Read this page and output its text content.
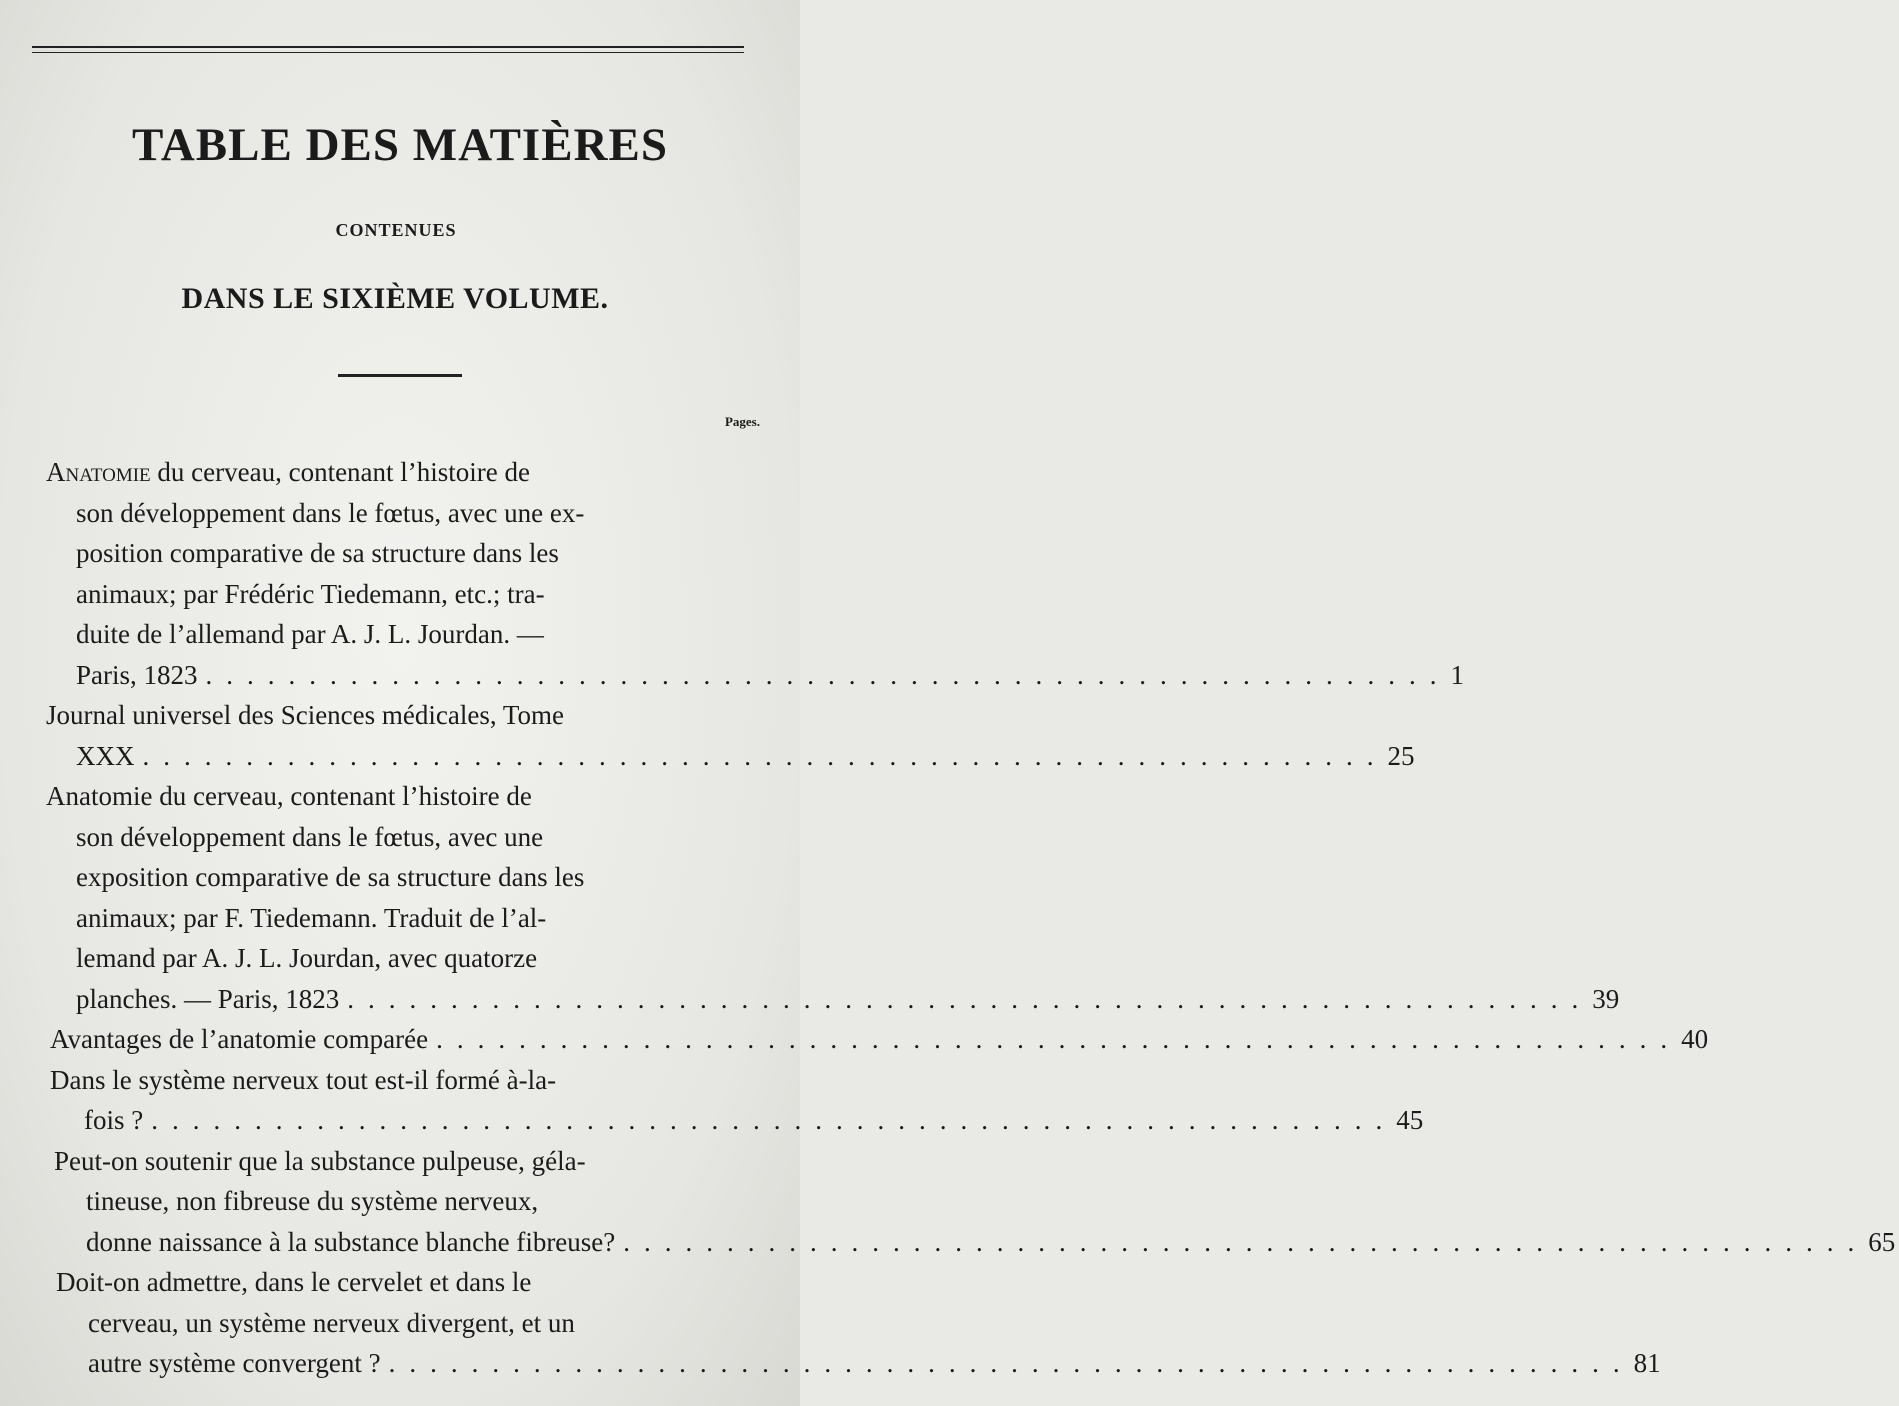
TABLE DES MATIÈRES
CONTENUES
DANS LE SIXIÈME VOLUME.
Pages.
Anatomie du cerveau, contenant l’histoire de
son développement dans le fœtus, avec une ex-
position comparative de sa structure dans les
animaux; par Frédéric Tiedemann, etc.; tra-
duite de l’allemand par A. J. L. Jourdan. —
Paris, 1823 ............................................................ 1
Journal universel des Sciences médicales, Tome
XXX ............................................................ 25
Anatomie du cerveau, contenant l’histoire de
son développement dans le fœtus, avec une
exposition comparative de sa structure dans les
animaux; par F. Tiedemann. Traduit de l’al-
lemand par A. J. L. Jourdan, avec quatorze
planches. — Paris, 1823 ............................................................ 39
Avantages de l’anatomie comparée ............................................................ 40
Dans le système nerveux tout est-il formé à-la-
fois ? ............................................................ 45
Peut-on soutenir que la substance pulpeuse, géla-
tineuse, non fibreuse du système nerveux,
donne naissance à la substance blanche fibreuse? ............................................................ 65
Doit-on admettre, dans le cervelet et dans le
cerveau, un système nerveux divergent, et un
autre système convergent ? ............................................................ 81
